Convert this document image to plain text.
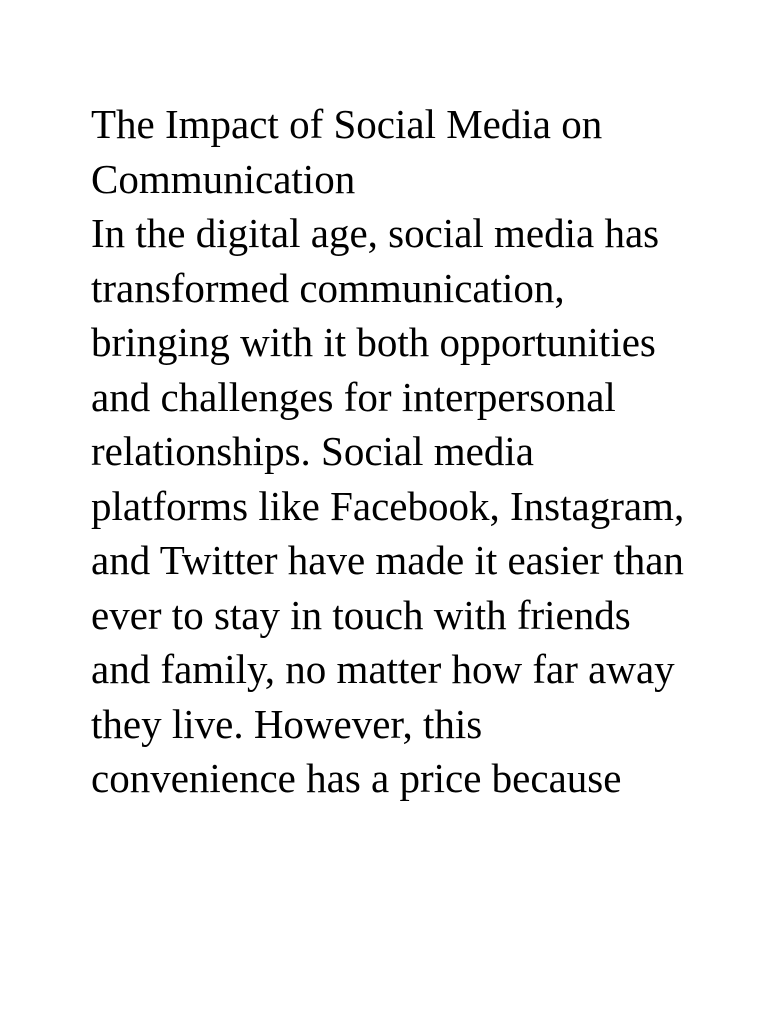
The Impact of Social Media on Communication

In the digital age, social media has transformed communication, bringing with it both opportunities and challenges for interpersonal relationships. Social media platforms like Facebook, Instagram, and Twitter have made it easier than ever to stay in touch with friends and family, no matter how far away they live. However, this convenience has a price because
